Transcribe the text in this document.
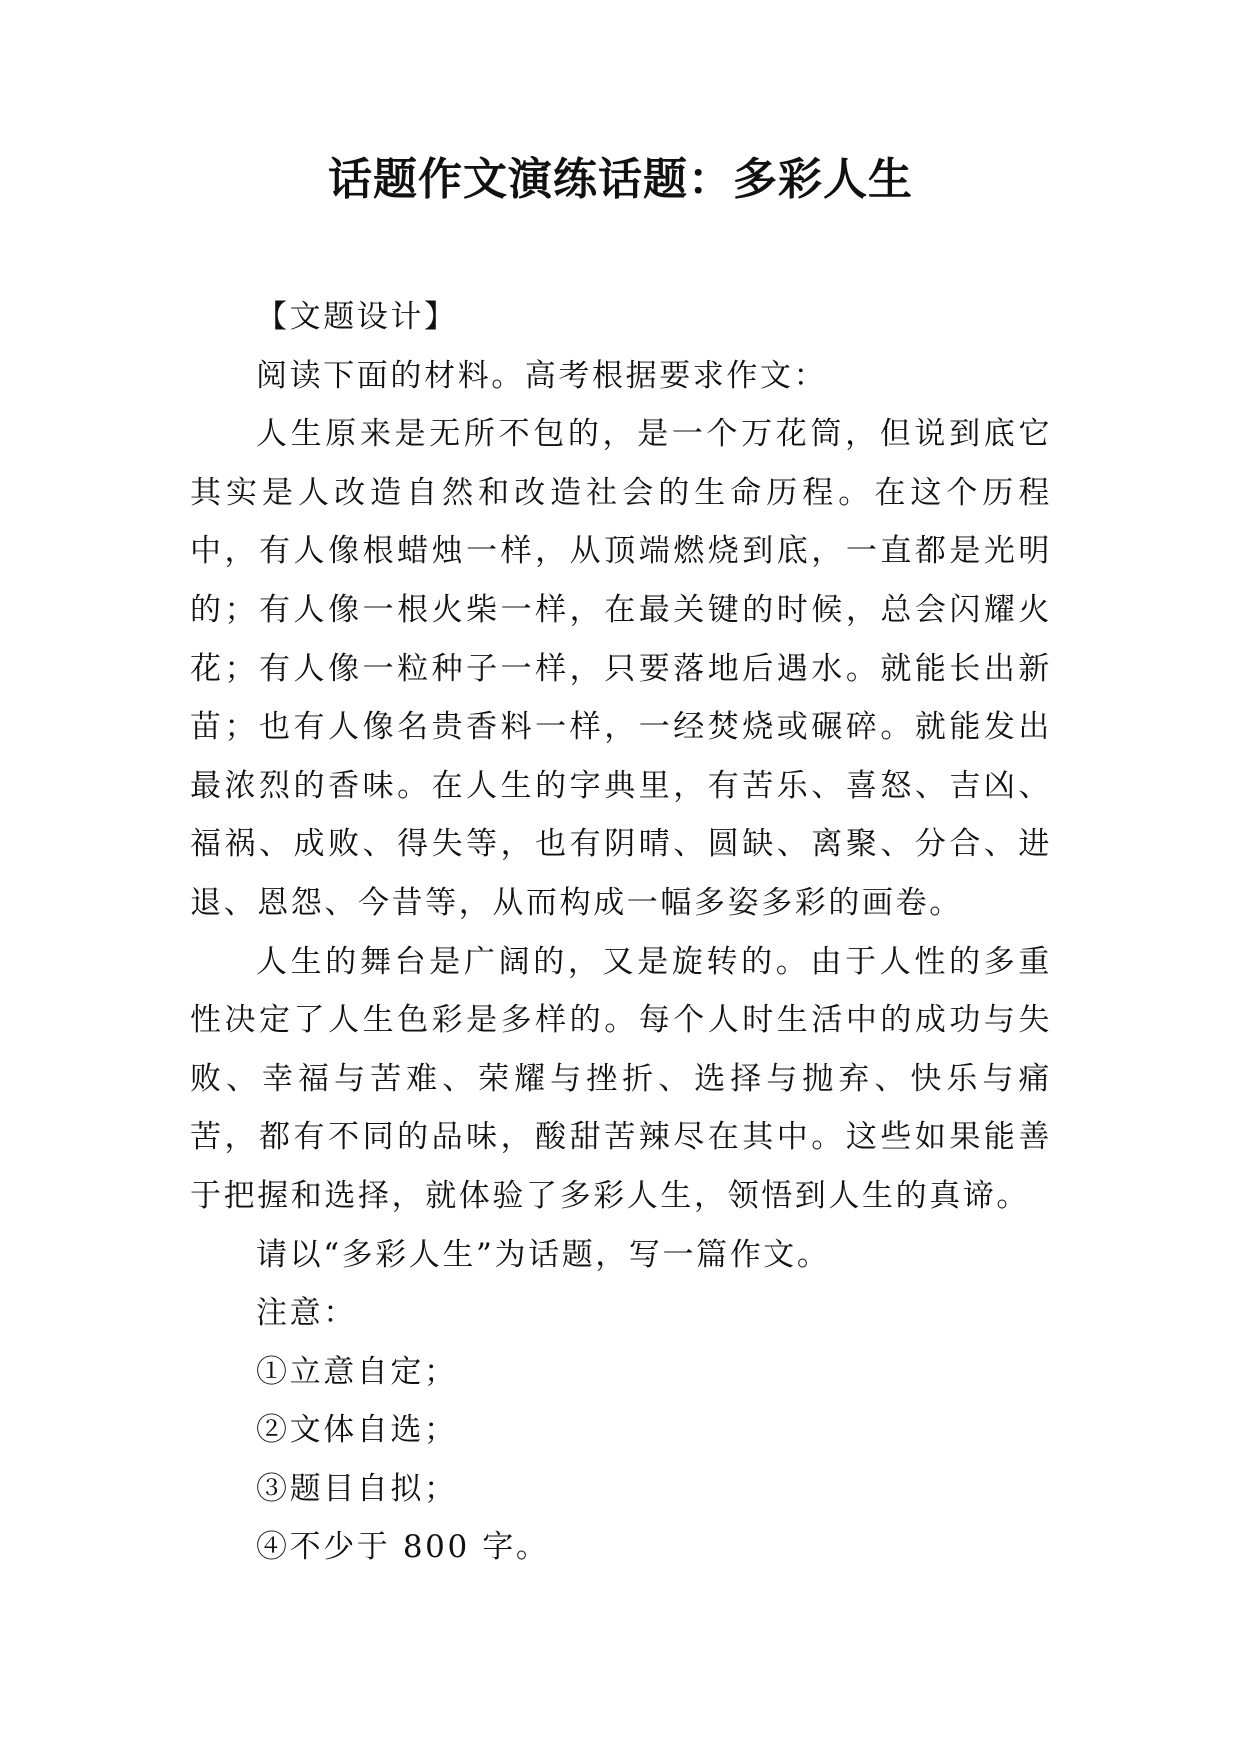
话题作文演练话题：多彩人生

【文题设计】

阅读下面的材料。高考根据要求作文：

人生原来是无所不包的，是一个万花筒，但说到底它其实是人改造自然和改造社会的生命历程。在这个历程中，有人像根蜡烛一样，从顶端燃烧到底，一直都是光明的；有人像一根火柴一样，在最关键的时候，总会闪耀火花；有人像一粒种子一样，只要落地后遇水。就能长出新苗；也有人像名贵香料一样，一经焚烧或碾碎。就能发出最浓烈的香味。在人生的字典里，有苦乐、喜怒、吉凶、福祸、成败、得失等，也有阴晴、圆缺、离聚、分合、进退、恩怨、今昔等，从而构成一幅多姿多彩的画卷。

人生的舞台是广阔的，又是旋转的。由于人性的多重性决定了人生色彩是多样的。每个人时生活中的成功与失败、幸福与苦难、荣耀与挫折、选择与抛弃、快乐与痛苦，都有不同的品味，酸甜苦辣尽在其中。这些如果能善于把握和选择，就体验了多彩人生，领悟到人生的真谛。

请以“多彩人生”为话题，写一篇作文。

注意：

①立意自定；

②文体自选；

③题目自拟；

④不少于 800 字。
